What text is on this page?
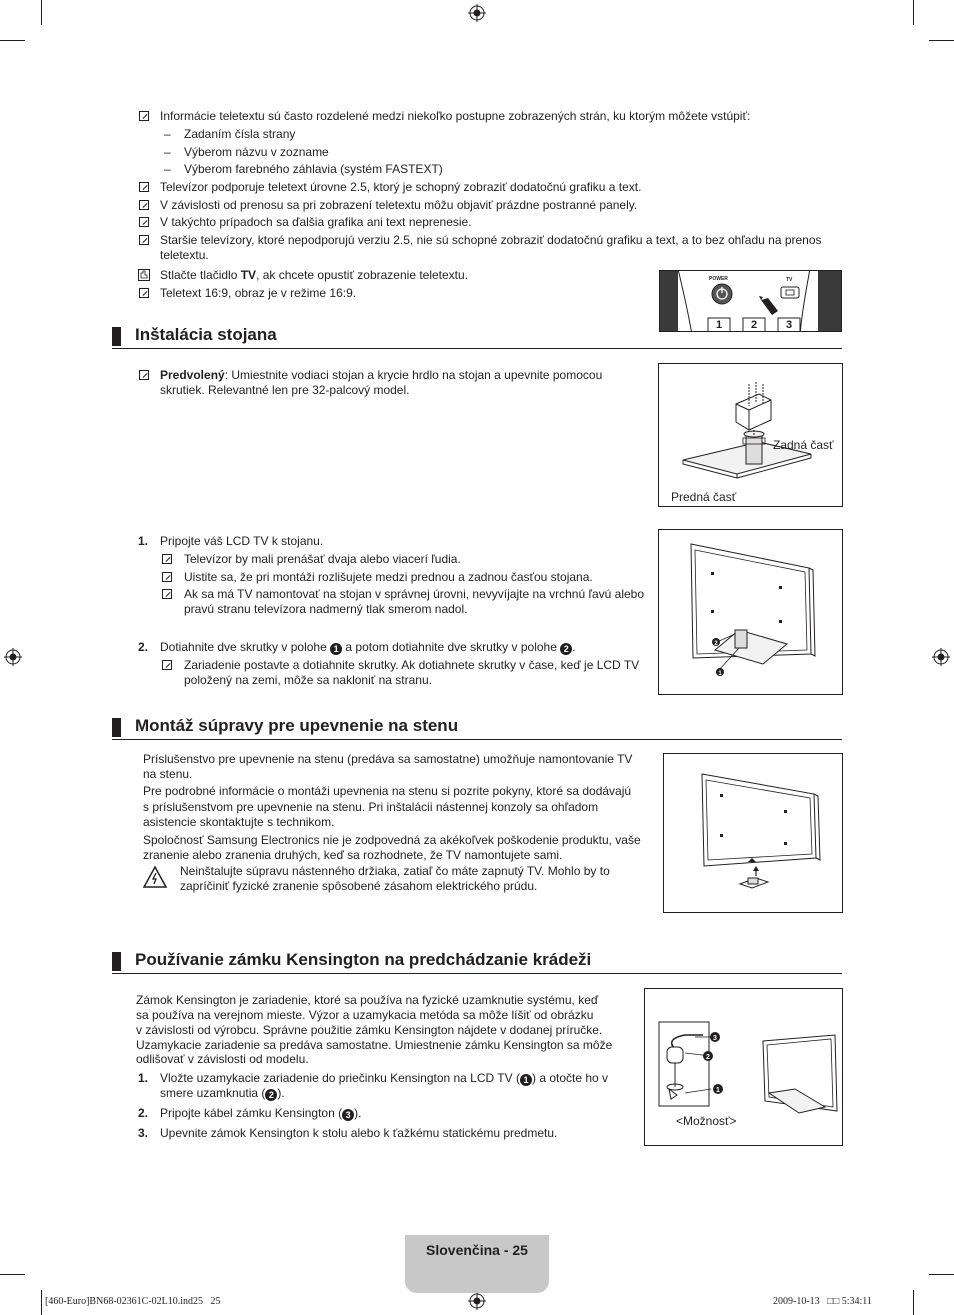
Informácie teletextu sú často rozdelené medzi niekoľko postupne zobrazených strán, ku ktorým môžete vstúpiť:
– Zadaním čísla strany
– Výberom názvu v zozname
– Výberom farebného záhlavia (systém FASTEXT)
Televízor podporuje teletext úrovne 2.5, ktorý je schopný zobraziť dodatočnú grafiku a text.
V závislosti od prenosu sa pri zobrazení teletextu môžu objaviť prázdne postranné panely.
V takýchto prípadoch sa ďalšia grafika ani text neprenesie.
Staršie televízory, ktoré nepodporujú verziu 2.5, nie sú schopné zobraziť dodatočnú grafiku a text, a to bez ohľadu na prenos
teletextu.
Stlačte tlačidlo TV, ak chcete opustiť zobrazenie teletextu.
Teletext 16:9, obraz je v režime 16:9.
POWER	TV
1	2	3
Inštalácia stojana
Predvolený: Umiestnite vodiaci stojan a krycie hrdlo na stojan a upevnite pomocou
skrutiek. Relevantné len pre 32-palcový model.
Zadná časť
Predná časť
1. Pripojte váš LCD TV k stojanu.
Televízor by mali prenášať dvaja alebo viacerí ľudia.
Uistite sa, že pri montáži rozlišujete medzi prednou a zadnou časťou stojana.
Ak sa má TV namontovať na stojan v správnej úrovni, nevyvíjajte na vrchnú ľavú alebo
pravú stranu televízora nadmerný tlak smerom nadol.
2. Dotiahnite dve skrutky v polohe 1 a potom dotiahnite dve skrutky v polohe 2 .
Zariadenie postavte a dotiahnite skrutky. Ak dotiahnete skrutky v čase, keď je LCD TV
položený na zemi, môže sa nakloniť na stranu.
2
1
Montáž súpravy pre upevnenie na stenu
Príslušenstvo pre upevnenie na stenu (predáva sa samostatne) umožňuje namontovanie TV
na stenu.
Pre podrobné informácie o montáži upevnenia na stenu si pozrite pokyny, ktoré sa dodávajú
s príslušenstvom pre upevnenie na stenu. Pri inštalácii nástennej konzoly sa ohľadom
asistencie skontaktujte s technikom.
Spoločnosť Samsung Electronics nie je zodpovedná za akékoľvek poškodenie produktu, vaše
zranenie alebo zranenia druhých, keď sa rozhodnete, že TV namontujete sami.
Neinštalujte súpravu nástenného držiaka, zatiaľ čo máte zapnutý TV. Mohlo by to
zapríčiniť fyzické zranenie spôsobené zásahom elektrického prúdu.
Používanie zámku Kensington na predchádzanie krádeži
Zámok Kensington je zariadenie, ktoré sa používa na fyzické uzamknutie systému, keď
sa používa na verejnom mieste. Výzor a uzamykacia metóda sa môže líšiť od obrázku
v závislosti od výrobcu. Správne použitie zámku Kensington nájdete v dodanej príručke.
Uzamykacie zariadenie sa predáva samostatne. Umiestnenie zámku Kensington sa môže
odlišovať v závislosti od modelu.
1. Vložte uzamykacie zariadenie do priečinku Kensington na LCD TV ( 1 ) a otočte ho v
smere uzamknutia ( 2 ).
2. Pripojte kábel zámku Kensington ( 3 ).
3. Upevnite zámok Kensington k stolu alebo k ťažkému statickému predmetu.
3
2
1
<Možnosť>
Slovenčina - 25
[460-Euro]BN68-02361C-02L10.ind25   25	2009-10-13   □□ 5:34:11
